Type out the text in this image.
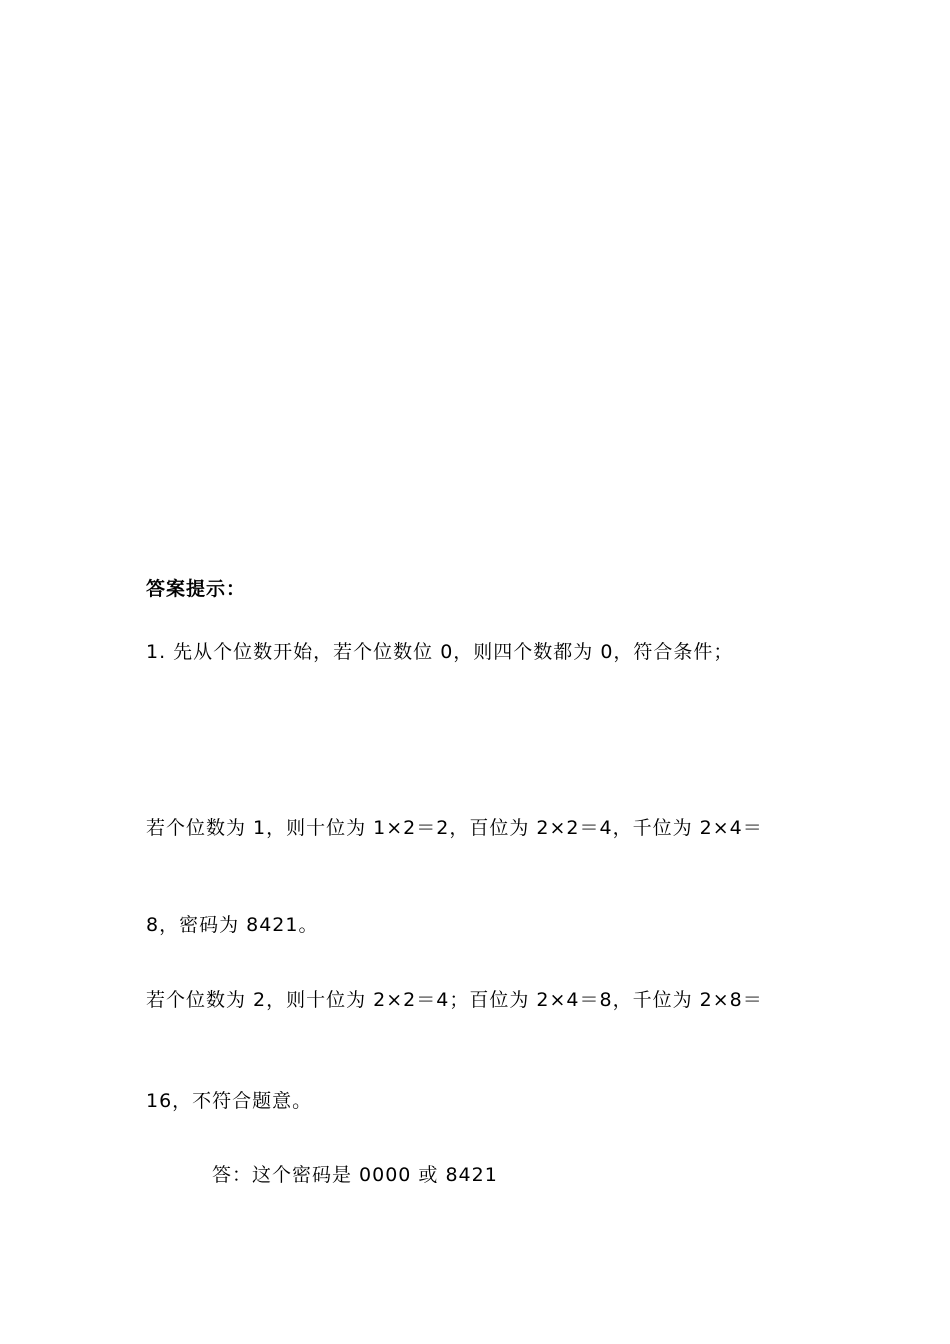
答案提示：
1. 先从个位数开始，若个位数位 0，则四个数都为 0，符合条件；
若个位数为 1，则十位为 1×2＝2，百位为 2×2＝4，千位为 2×4＝
8，密码为 8421。
若个位数为 2，则十位为 2×2＝4；百位为 2×4＝8，千位为 2×8＝
16，不符合题意。
答：这个密码是 0000 或 8421
